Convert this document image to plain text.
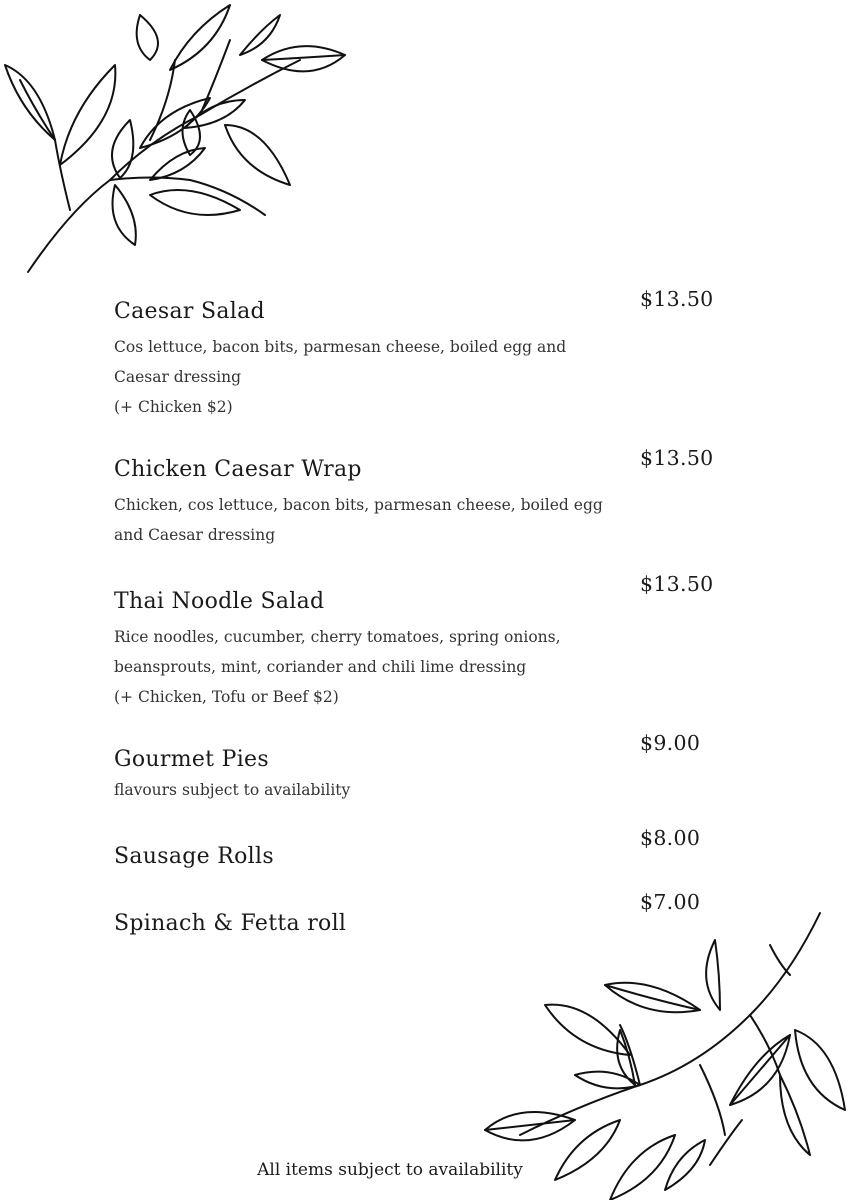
Caesar Salad
Cos lettuce, bacon bits, parmesan cheese, boiled egg and
Caesar dressing
(+ Chicken $2)
$13.50
Chicken Caesar Wrap
Chicken, cos lettuce, bacon bits, parmesan cheese, boiled egg
and Caesar dressing
$13.50
Thai Noodle Salad
Rice noodles, cucumber, cherry tomatoes, spring onions,
beansprouts, mint, coriander and chili lime dressing
(+ Chicken, Tofu or Beef $2)
$13.50
Gourmet Pies
flavours subject to availability
$9.00
Sausage Rolls
$8.00
Spinach & Fetta roll
$7.00
All items subject to availability
